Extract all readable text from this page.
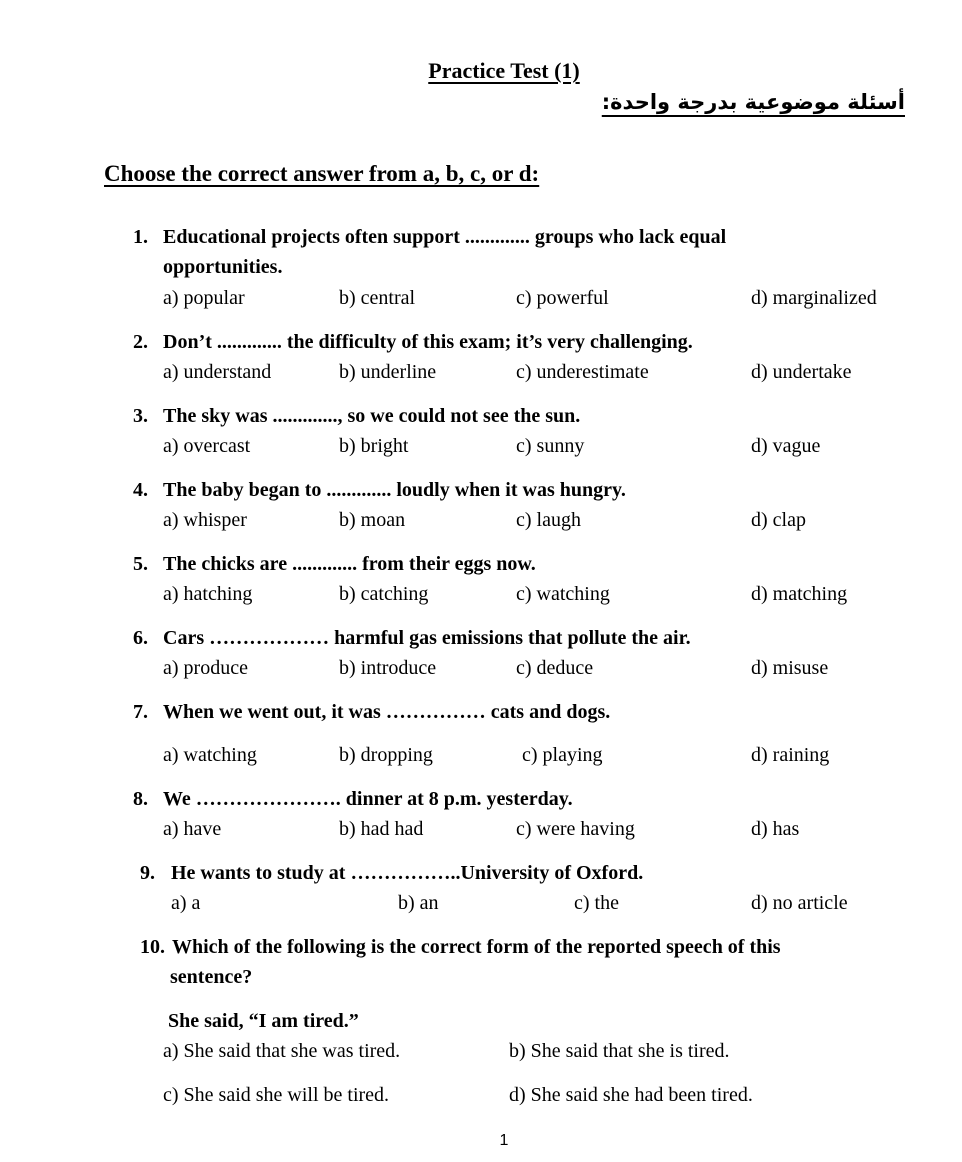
Practice Test (1)
أسئلة موضوعية بدرجة واحدة:
Choose the correct answer from a, b, c, or d:
1. Educational projects often support ............. groups who lack equal
opportunities.
a) popular	b) central	c) powerful	d) marginalized
2. Don’t ............. the difficulty of this exam; it’s very challenging.
a) understand	b) underline	c) underestimate	d) undertake
3. The sky was ............., so we could not see the sun.
a) overcast	b) bright	c) sunny	d) vague
4. The baby began to ............. loudly when it was hungry.
a) whisper	b) moan	c) laugh	d) clap
5. The chicks are ............. from their eggs now.
a) hatching	b) catching	c) watching	d) matching
6. Cars ……………… harmful gas emissions that pollute the air.
a) produce	b) introduce	c) deduce	d) misuse
7. When we went out, it was …………… cats and dogs.
a) watching	b) dropping	c) playing	d) raining
8. We …………………. dinner at 8 p.m. yesterday.
a) have	b) had had	c) were having	d) has
9. He wants to study at ……………..University of Oxford.
a) a	b) an	c) the	d) no article
10. Which of the following is the correct form of the reported speech of this
sentence?
She said, “I am tired.”
a) She said that she was tired.	b) She said that she is tired.
c) She said she will be tired.	d) She said she had been tired.
1
